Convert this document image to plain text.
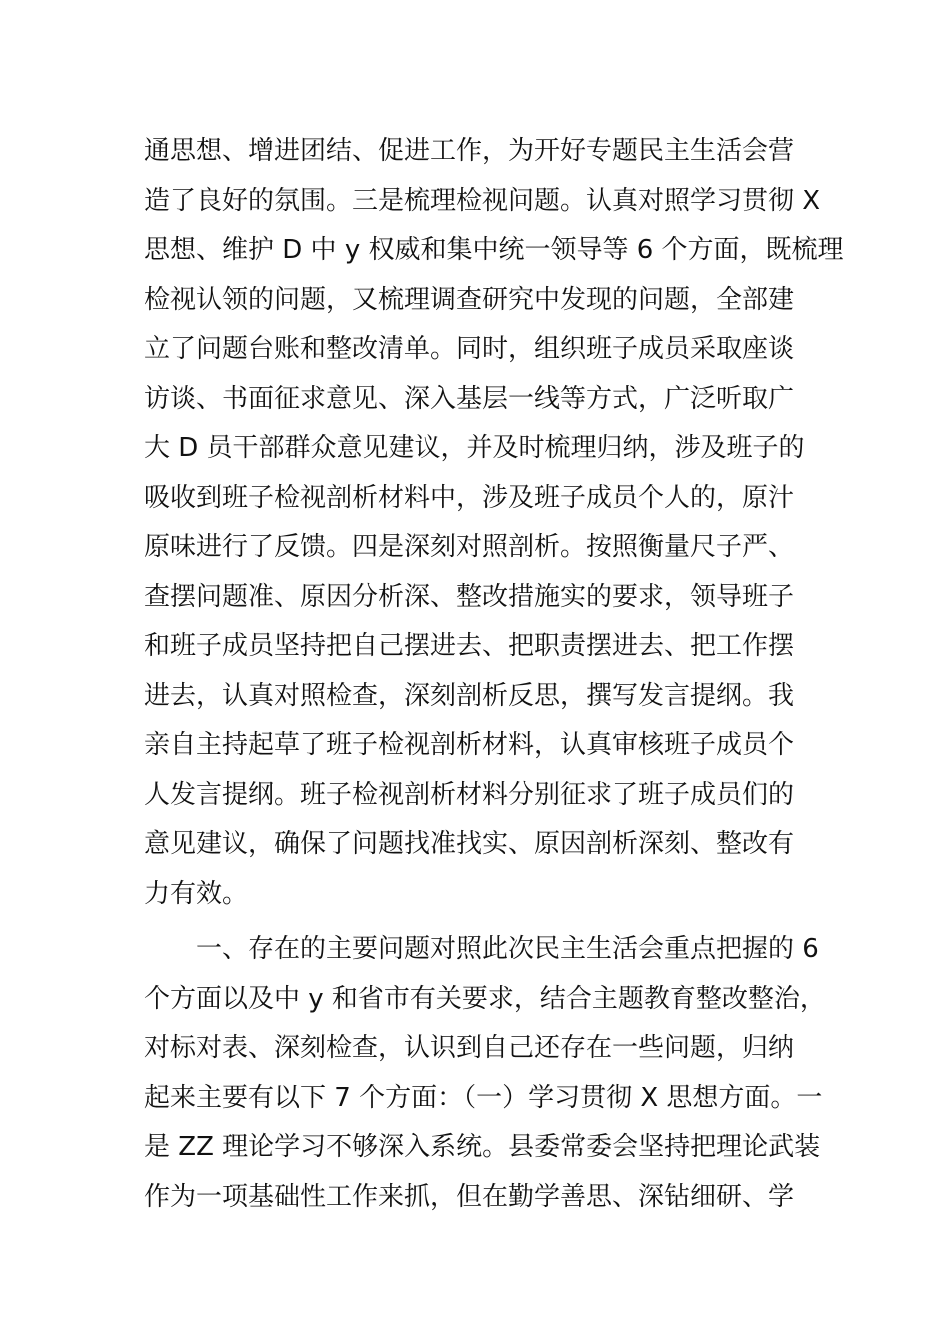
通思想、增进团结、促进工作，为开好专题民主生活会营
造了良好的氛围。三是梳理检视问题。认真对照学习贯彻 X
思想、维护 D 中 y 权威和集中统一领导等 6 个方面，既梳理
检视认领的问题，又梳理调查研究中发现的问题，全部建
立了问题台账和整改清单。同时，组织班子成员采取座谈
访谈、书面征求意见、深入基层一线等方式，广泛听取广
大 D 员干部群众意见建议，并及时梳理归纳，涉及班子的
吸收到班子检视剖析材料中，涉及班子成员个人的，原汁
原味进行了反馈。四是深刻对照剖析。按照衡量尺子严、
查摆问题准、原因分析深、整改措施实的要求，领导班子
和班子成员坚持把自己摆进去、把职责摆进去、把工作摆
进去，认真对照检查，深刻剖析反思，撰写发言提纲。我
亲自主持起草了班子检视剖析材料，认真审核班子成员个
人发言提纲。班子检视剖析材料分别征求了班子成员们的
意见建议，确保了问题找准找实、原因剖析深刻、整改有
力有效。
　　一、存在的主要问题对照此次民主生活会重点把握的 6
个方面以及中 y 和省市有关要求，结合主题教育整改整治，
对标对表、深刻检查，认识到自己还存在一些问题，归纳
起来主要有以下 7 个方面：（一）学习贯彻 X 思想方面。一
是 ZZ 理论学习不够深入系统。县委常委会坚持把理论武装
作为一项基础性工作来抓，但在勤学善思、深钻细研、学
